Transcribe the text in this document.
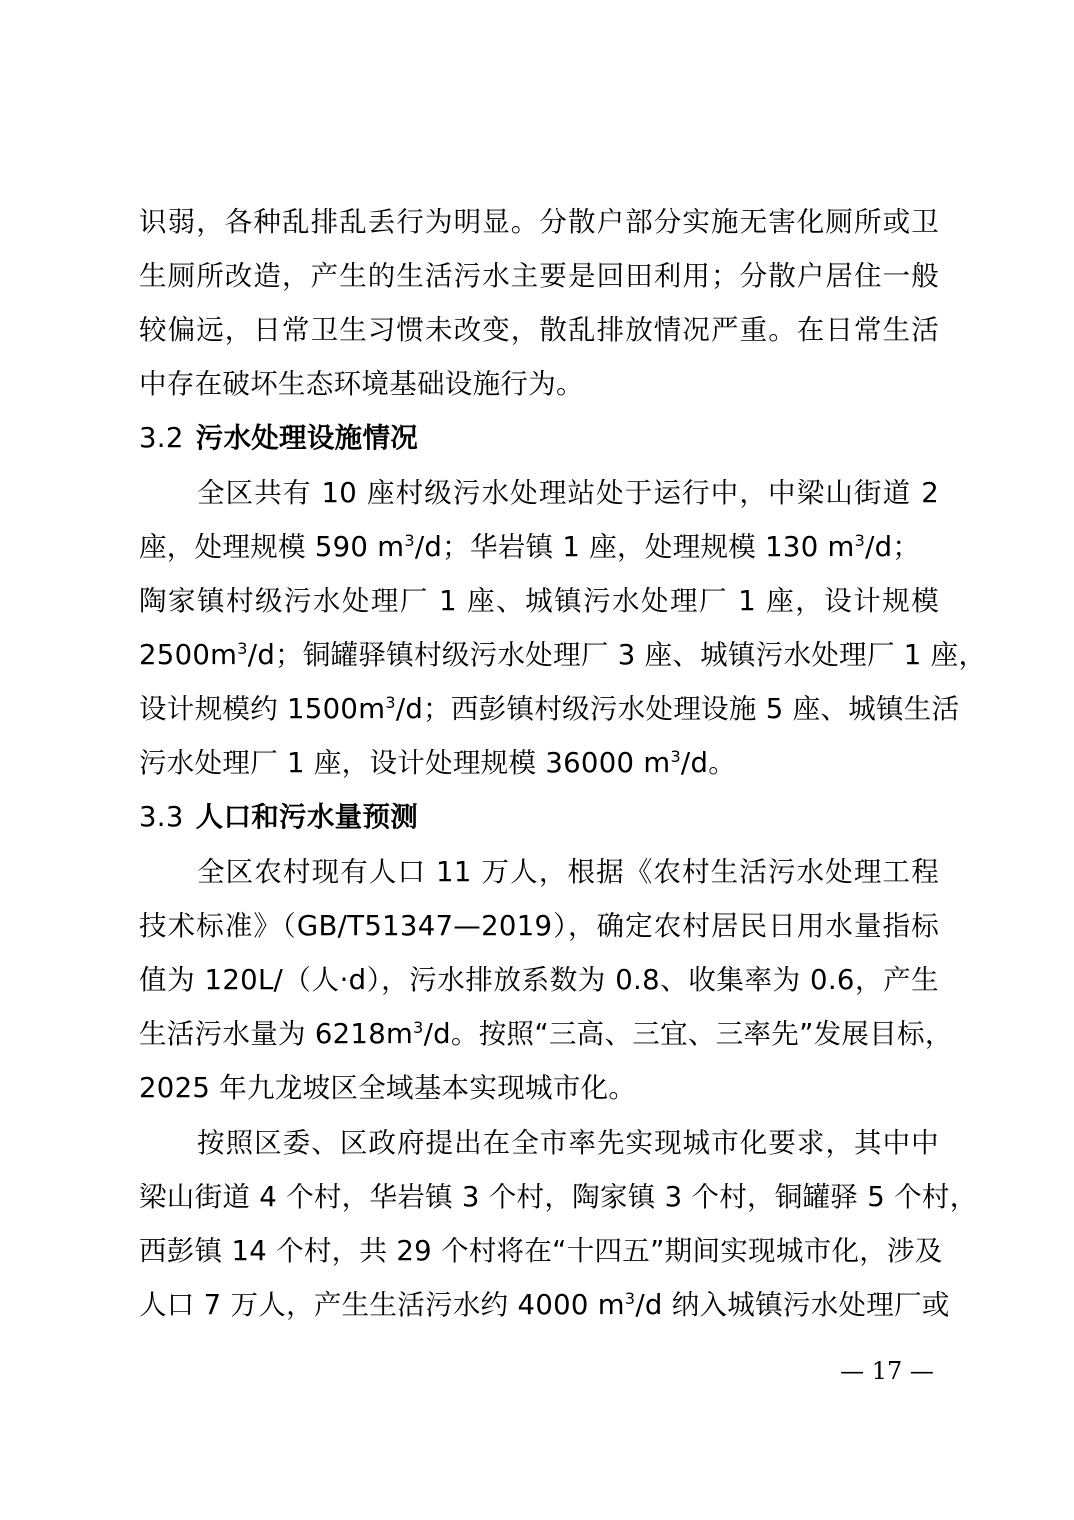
识弱，各种乱排乱丢行为明显。分散户部分实施无害化厕所或卫
生厕所改造，产生的生活污水主要是回田利用；分散户居住一般
较偏远，日常卫生习惯未改变，散乱排放情况严重。在日常生活
中存在破坏生态环境基础设施行为。
3.2 污水处理设施情况
全区共有 10 座村级污水处理站处于运行中，中梁山街道 2
座，处理规模 590 $m^3/d$；华岩镇 1 座，处理规模 130 $m^3/d$；
陶家镇村级污水处理厂 1 座、城镇污水处理厂 1 座，设计规模
$2500m^3/d$；铜罐驿镇村级污水处理厂 3 座、城镇污水处理厂 1 座，
设计规模约 $1500m^3/d$；西彭镇村级污水处理设施 5 座、城镇生活
污水处理厂 1 座，设计处理规模 36000 $m^3/d$。
3.3 人口和污水量预测
全区农村现有人口 11 万人，根据《农村生活污水处理工程
技术标准》（GB/T51347—2019），确定农村居民日用水量指标
值为 120L/（人·d），污水排放系数为 0.8、收集率为 0.6，产生
生活污水量为 $6218m^3/d$。按照“三高、三宜、三率先”发展目标，
2025 年九龙坡区全域基本实现城市化。
按照区委、区政府提出在全市率先实现城市化要求，其中中
梁山街道 4 个村，华岩镇 3 个村，陶家镇 3 个村，铜罐驿 5 个村，
西彭镇 14 个村，共 29 个村将在“十四五”期间实现城市化，涉及
人口 7 万人，产生生活污水约 4000 $m^3/d$ 纳入城镇污水处理厂或
— 17 —
